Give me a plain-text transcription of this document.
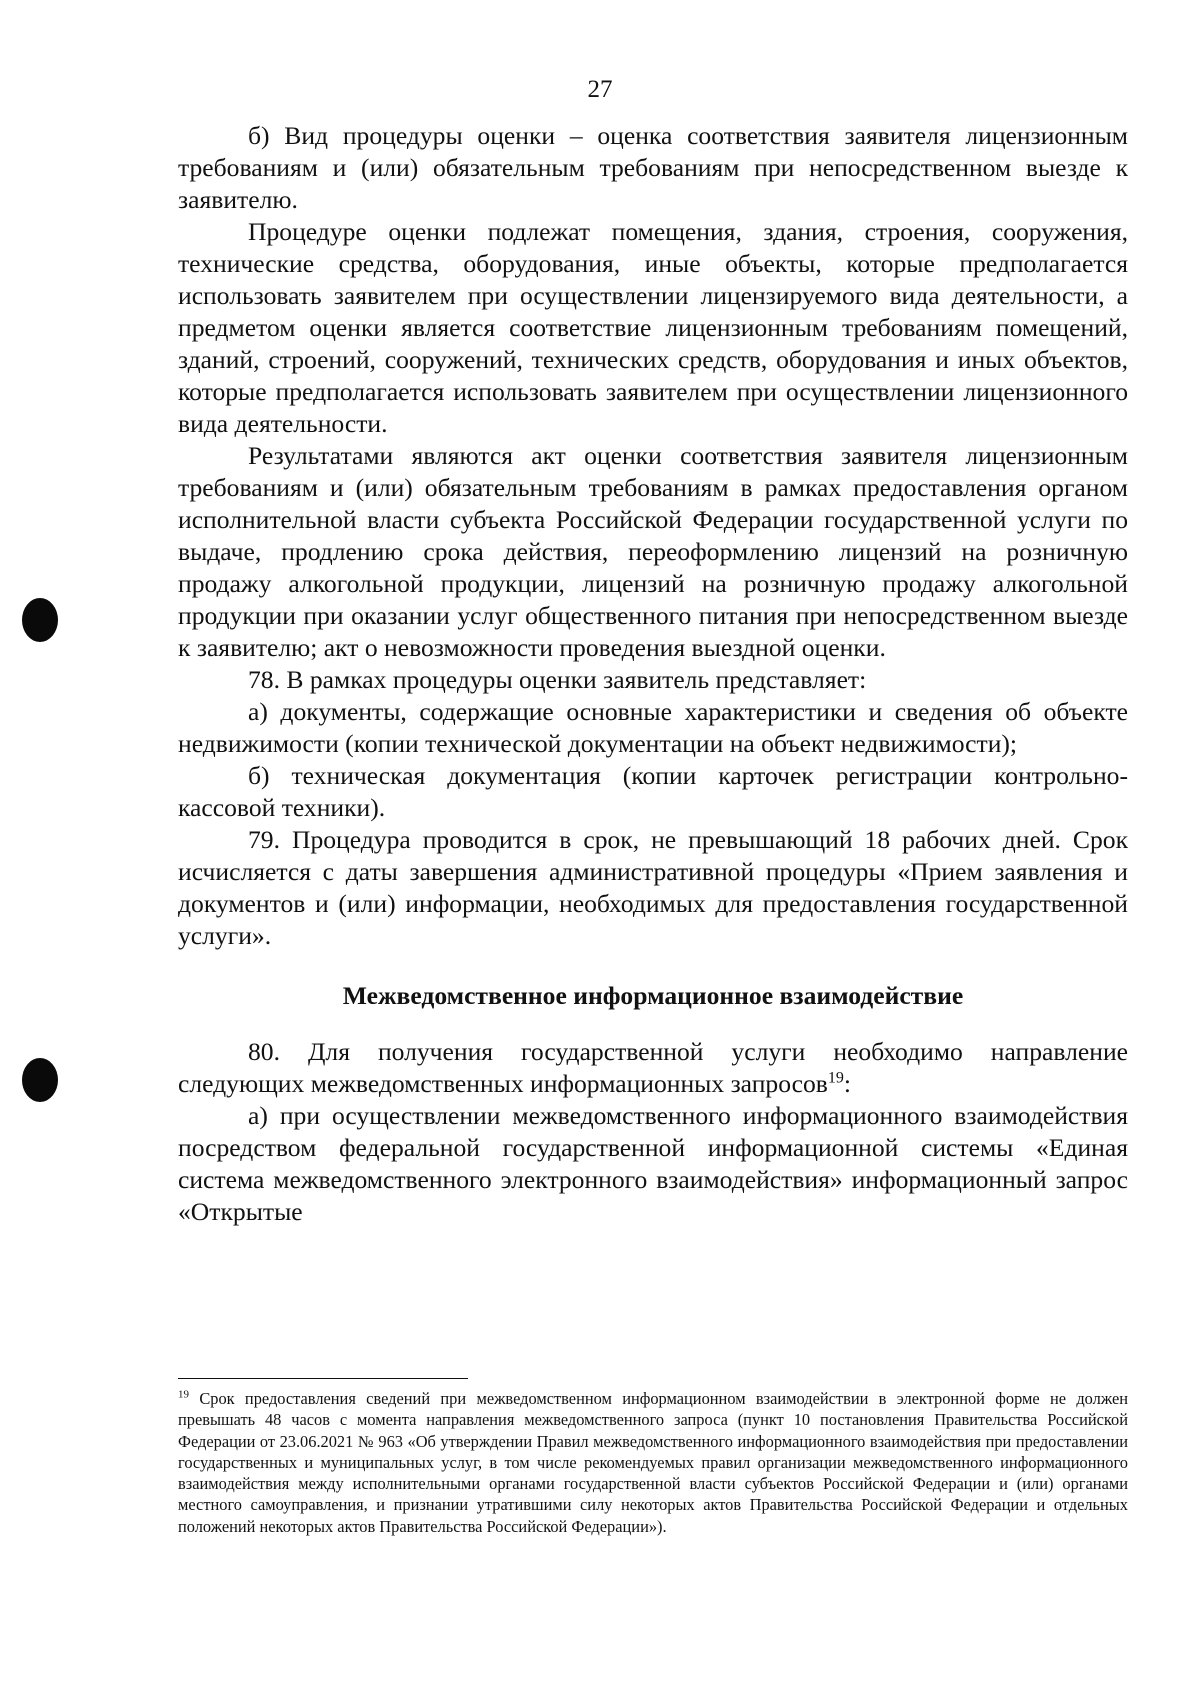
27

б) Вид процедуры оценки – оценка соответствия заявителя лицензионным требованиям и (или) обязательным требованиям при непосредственном выезде к заявителю.

Процедуре оценки подлежат помещения, здания, строения, сооружения, технические средства, оборудования, иные объекты, которые предполагается использовать заявителем при осуществлении лицензируемого вида деятельности, а предметом оценки является соответствие лицензионным требованиям помещений, зданий, строений, сооружений, технических средств, оборудования и иных объектов, которые предполагается использовать заявителем при осуществлении лицензионного вида деятельности.

Результатами являются акт оценки соответствия заявителя лицензионным требованиям и (или) обязательным требованиям в рамках предоставления органом исполнительной власти субъекта Российской Федерации государственной услуги по выдаче, продлению срока действия, переоформлению лицензий на розничную продажу алкогольной продукции, лицензий на розничную продажу алкогольной продукции при оказании услуг общественного питания при непосредственном выезде к заявителю; акт о невозможности проведения выездной оценки.

78. В рамках процедуры оценки заявитель представляет:

а) документы, содержащие основные характеристики и сведения об объекте недвижимости (копии технической документации на объект недвижимости);

б) техническая документация (копии карточек регистрации контрольно-кассовой техники).

79. Процедура проводится в срок, не превышающий 18 рабочих дней. Срок исчисляется с даты завершения административной процедуры «Прием заявления и документов и (или) информации, необходимых для предоставления государственной услуги».

Межведомственное информационное взаимодействие

80. Для получения государственной услуги необходимо направление следующих межведомственных информационных запросов$^{19}$:

а) при осуществлении межведомственного информационного взаимодействия посредством федеральной государственной информационной системы «Единая система межведомственного электронного взаимодействия» информационный запрос «Открытые

$^{19}$ Срок предоставления сведений при межведомственном информационном взаимодействии в электронной форме не должен превышать 48 часов с момента направления межведомственного запроса (пункт 10 постановления Правительства Российской Федерации от 23.06.2021 № 963 «Об утверждении Правил межведомственного информационного взаимодействия при предоставлении государственных и муниципальных услуг, в том числе рекомендуемых правил организации межведомственного информационного взаимодействия между исполнительными органами государственной власти субъектов Российской Федерации и (или) органами местного самоуправления, и признании утратившими силу некоторых актов Правительства Российской Федерации и отдельных положений некоторых актов Правительства Российской Федерации»).
